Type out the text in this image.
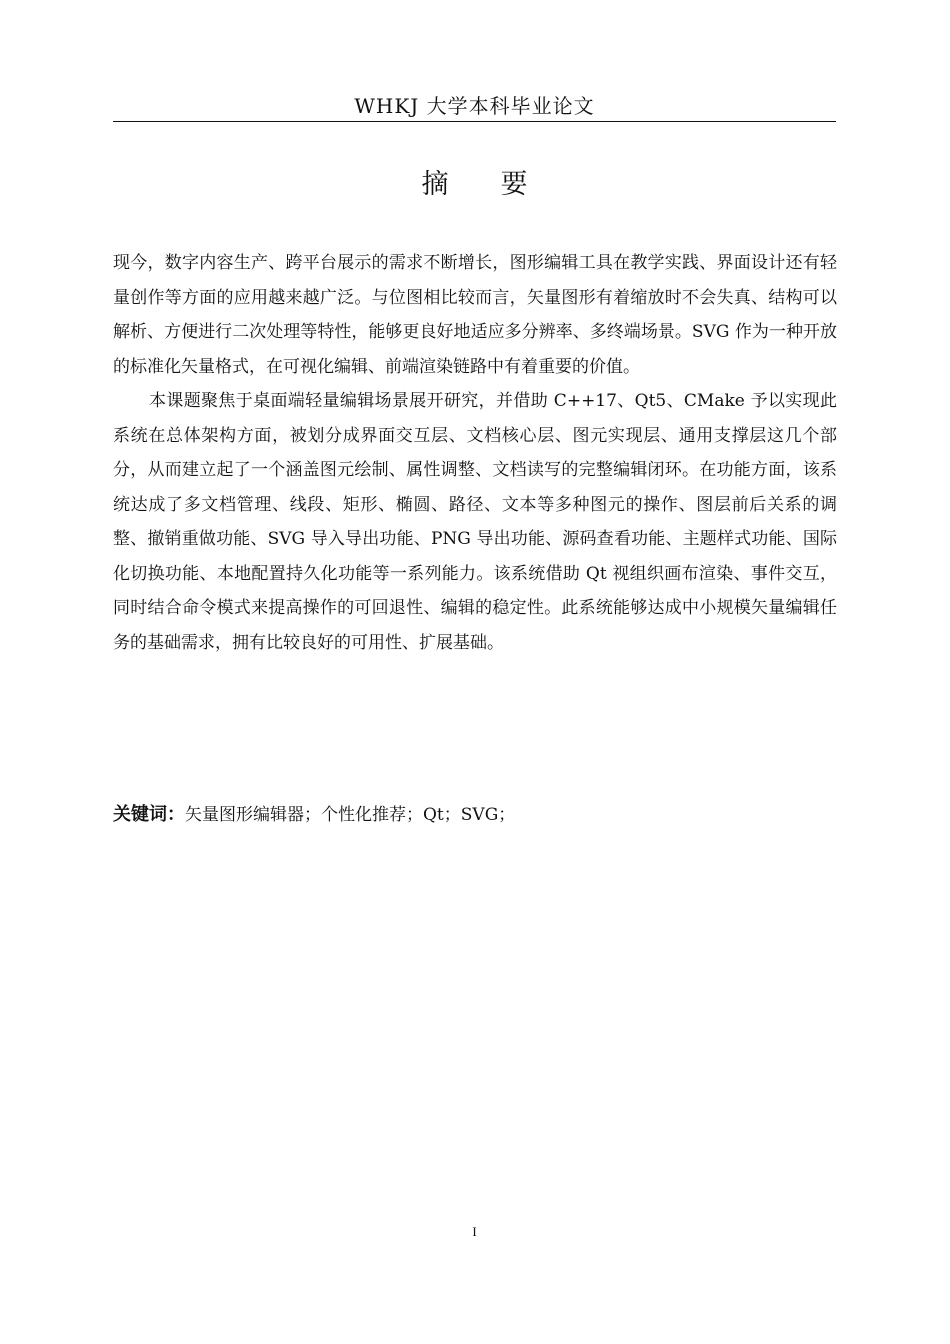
WHKJ 大学本科毕业论文
摘要

现今，数字内容生产、跨平台展示的需求不断增长，图形编辑工具在教学实践、界面设计还有轻量创作等方面的应用越来越广泛。与位图相比较而言，矢量图形有着缩放时不会失真、结构可以解析、方便进行二次处理等特性，能够更良好地适应多分辨率、多终端场景。SVG 作为一种开放的标准化矢量格式，在可视化编辑、前端渲染链路中有着重要的价值。

本课题聚焦于桌面端轻量编辑场景展开研究，并借助 C++17、Qt5、CMake 予以实现此系统在总体架构方面，被划分成界面交互层、文档核心层、图元实现层、通用支撑层这几个部分，从而建立起了一个涵盖图元绘制、属性调整、文档读写的完整编辑闭环。在功能方面，该系统达成了多文档管理、线段、矩形、椭圆、路径、文本等多种图元的操作、图层前后关系的调整、撤销重做功能、SVG 导入导出功能、PNG 导出功能、源码查看功能、主题样式功能、国际化切换功能、本地配置持久化功能等一系列能力。该系统借助 Qt 视组织画布渲染、事件交互，同时结合命令模式来提高操作的可回退性、编辑的稳定性。此系统能够达成中小规模矢量编辑任务的基础需求，拥有比较良好的可用性、扩展基础。

关键词：矢量图形编辑器；个性化推荐；Qt；SVG；
I
